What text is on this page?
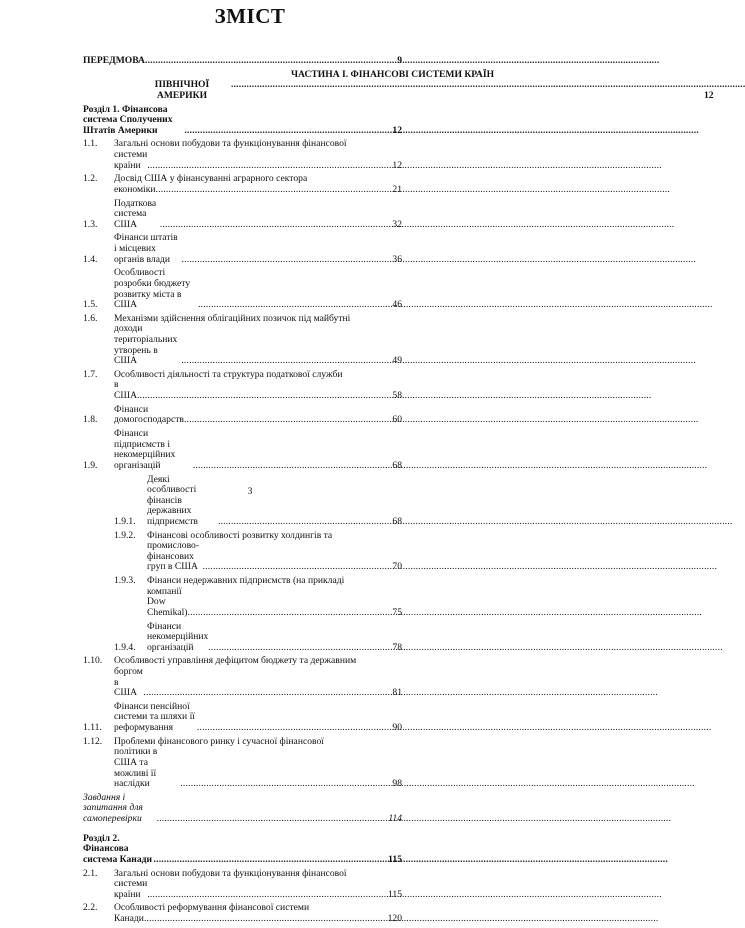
ЗМІСТ
ПЕРЕДМОВА .....	9
ЧАСТИНА I. ФІНАНСОВІ СИСТЕМИ КРАЇН
ПІВНІЧНОЇ АМЕРИКИ .....	12
Розділ 1. Фінансова система Сполучених Штатів Америки .....	12
1.1.	Загальні основи побудови та функціонування фінансової
системи країни .....	12
1.2.	Досвід США у фінансуванні аграрного сектора
економіки .....	21
1.3.
Податкова система США .....	32
1.4.
Фінанси штатів і місцевих органів влади .....	36
1.5.
Особливості розробки бюджету розвитку міста в США .....	46
1.6.	Механізми здійснення облігаційних позичок під майбутні
доходи територіальних утворень в США .....	49
1.7.	Особливості діяльності та структура податкової служби
в США .....	58
1.8.
Фінанси домогосподарств .....	60
1.9.
Фінанси підприємств і некомерційних організацій .....	68
1.9.1.
Деякі особливості фінансів державних підприємств .....	68
1.9.2.	Фінансові особливості розвитку холдингів та
промислово-фінансових груп в США .....	70
1.9.3.	Фінанси недержавних підприємств (на прикладі
компанії Dow Chemikal) .....	75
1.9.4.
Фінанси некомерційних організацій .....	78
1.10.	Особливості управління дефіцитом бюджету та державним
боргом в США .....	81
1.11.
Фінанси пенсійної системи та шляхи її реформування .....	90
1.12.	Проблеми фінансового ринку і сучасної фінансової
політики в США та можливі її наслідки .....	98
Завдання і запитання для самоперевірки .....	114
Розділ 2. Фінансова система Канади .....	115
2.1.	Загальні основи побудови та функціонування фінансової
системи країни .....	115
2.2.	Особливості реформування фінансової системи
Канади .....	120
3
